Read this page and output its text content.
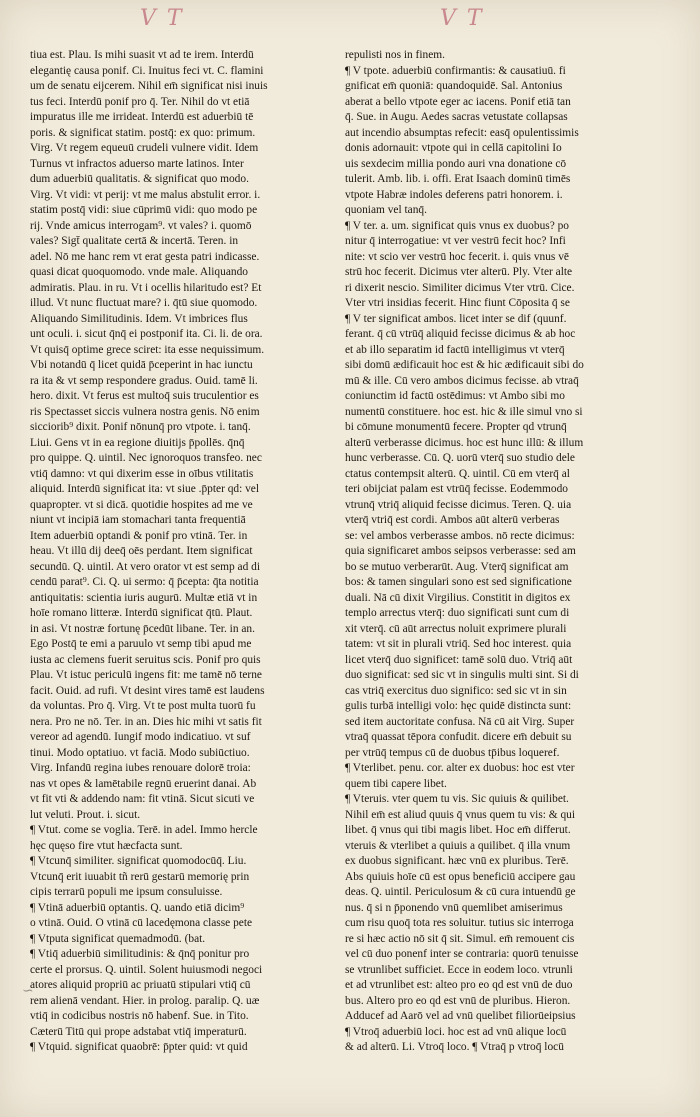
V T	V T
tiua est. Plau. Is mihi suasit vt ad te irem. Interdū
elegantię causa ponif. Ci. Inuitus feci vt. C. flamini
um de senatu eijcerem. Nihil em̄ significat nisi inuis
tus feci. Interdū ponif pro q̄. Ter. Nihil do vt etiā
impuratus ille me irrideat. Interdū est aduerbiū tē
poris. & significat statim. postq̄: ex quo: primum.
Virg. Vt regem equeuū crudeli vulnere vidit. Idem
Turnus vt infractos aduerso marte latinos. Inter
dum aduerbiū qualitatis. & significat quo modo.
Virg. Vt vidi: vt perij: vt me malus abstulit error. i.
statim postq̄ vidi: siue cūprimū vidi: quo modo pe
rij. Vnde amicus interrogam⁹. vt vales? i. quomō
vales? Sigt̄ qualitate certā & incertā. Teren. in
adel. Nō me hanc rem vt erat gesta patri indicasse.
quasi dicat quoquomodo. vnde male. Aliquando
admiratis. Plau. in ru. Vt i ocellis hilaritudo est? Et
illud. Vt nunc fluctuat mare? i. q̄tū siue quomodo.
Aliquando Similitudinis. Idem. Vt imbrices flus
unt oculi. i. sicut q̄nq̄ ei postponif ita. Ci. li. de ora.
Vt quisq̄ optime grece sciret: ita esse nequissimum.
Vbi notandū q̄ licet quidā p̄ceperint in hac iunctu
ra ita & vt semp respondere gradus. Ouid. tamē li.
hero. dixit. Vt ferus est multoq̄ suis truculentior es
ris Spectasset siccis vulnera nostra genis. Nō enim
sicciorib⁹ dixit. Ponif nōnunq̄ pro vtpote. i. tanq̄.
Liui. Gens vt in ea regione diuitijs p̄pollēs. q̄nq̄
pro quippe. Q. uintil. Nec ignoroquos transfeo. nec
vtiq̄ damno: vt qui dixerim esse in oībus vtilitatis
aliquid. Interdū significat ita: vt siue .p̄pter qd: vel
quapropter. vt si dicā. quotidie hospites ad me ve
niunt vt incipiā iam stomachari tanta frequentiā
Item aduerbiū optandi & ponif pro vtinā. Ter. in
heau. Vt illū dij deeq̄ oēs perdant. Item significat
secundū. Q. uintil. At vero orator vt est semp ad di
cendū parat⁹. Ci. Q. ui sermo: q̄ p̄cepta: q̄ta notitia
antiquitatis: scientia iuris augurū. Multæ etiā vt in
hoīe romano litteræ. Interdū significat q̄tū. Plaut.
in asi. Vt nostræ fortunę p̄cedūt libane. Ter. in an.
Ego Postq̄ te emi a paruulo vt semp tibi apud me
iusta ac clemens fuerit seruitus scis. Ponif pro quis
Plau. Vt istuc periculū ingens fit: me tamē nō terne
facit. Ouid. ad rufi. Vt desint vires tamē est laudens
da voluntas. Pro q̄. Virg. Vt te post multa tuorū fu
nera. Pro ne nō. Ter. in an. Dies hic mihi vt satis fit
vereor ad agendū. Iungif modo indicatiuo. vt suf
tinui. Modo optatiuo. vt faciā. Modo subiūctiuo.
Virg. Infandū regina iubes renouare dolorē troia:
nas vt opes & lamētabile regnū eruerint danai. Ab
vt fit vti & addendo nam: fit vtinā. Sicut sicuti ve
lut veluti. Prout. i. sicut.
¶ Vtut. come se voglia. Terē. in adel. Immo hercle
hęc quęso fire vtut hæcfacta sunt.
¶ Vtcunq̄ similiter. significat quomodocūq̄. Liu.
Vtcunq̄ erit iuuabit tñ rerū gestarū memorię prin
cipis terrarū populi me ipsum consuluisse.
¶ Vtinā aduerbiū optantis. Q. uando etiā dicim⁹
o vtinā. Ouid. O vtinā cū lacedęmona classe pete
¶ Vtputa significat quemadmodū. (bat.
¶ Vtiq̄ aduerbiū similitudinis: & q̄nq̄ ponitur pro
certe el prorsus. Q. uintil. Solent huiusmodi negoci
atores aliquid propriū ac priuatū stipulari vtiq̄ cū
rem alienā vendant. Hier. in prolog. paralip. Q. uæ
vtiq̄ in codicibus nostris nō habenf. Sue. in Tito.
Cæterū Titū qui prope adstabat vtiq̄ imperaturū.
¶ Vtquid. significat quaobrē: p̄pter quid: vt quid
repulisti nos in finem.
¶ V tpote. aduerbiū confirmantis: & causatiuū. fi
gnificat em̄ quoniā: quandoquidē. Sal. Antonius
aberat a bello vtpote eger ac iacens. Ponif etiā tan
q̄. Sue. in Augu. Aedes sacras vetustate collapsas
aut incendio absumptas refecit: easq̄ opulentissimis
donis adornauit: vtpote qui in cellā capitolini Io
uis sexdecim millia pondo auri vna donatione cō
tulerit. Amb. lib. i. offi. Erat Isaach dominū timēs
vtpote Habræ indoles deferens patri honorem. i.
quoniam vel tanq̄.
¶ V ter. a. um. significat quis vnus ex duobus? po
nitur q̄ interrogatiue: vt ver vestrū fecit hoc? Infi
nite: vt scio ver vestrū hoc fecerit. i. quis vnus vē
strū hoc fecerit. Dicimus vter alterū. Ply. Vter alte
ri dixerit nescio. Similiter dicimus Vter vtrū. Cice.
Vter vtri insidias fecerit. Hinc fiunt Cōposita q̄ se
¶ V ter significat ambos. licet inter se dif (quunf.
ferant. q̄ cū vtrūq̄ aliquid fecisse dicimus & ab hoc
et ab illo separatim id factū intelligimus vt vterq̄
sibi domū ædificauit hoc est & hic ædificauit sibi do
mū & ille. Cū vero ambos dicimus fecisse. ab vtraq̄
coniunctim id factū ostēdimus: vt Ambo sibi mo
numentū constituere. hoc est. hic & ille simul vno si
bi cōmune monumentū fecere. Propter qd vtrunq̄
alterū verberasse dicimus. hoc est hunc illū: & illum
hunc verberasse. Cū. Q. uorū vterq̄ suo studio dele
ctatus contempsit alterū. Q. uintil. Cū em vterq̄ al
teri obijciat palam est vtrūq̄ fecisse. Eodemmodo
vtrunq̄ vtriq̄ aliquid fecisse dicimus. Teren. Q. uia
vterq̄ vtriq̄ est cordi. Ambos aūt alterū verberas
se: vel ambos verberasse ambos. nō recte dicimus:
quia significaret ambos seipsos verberasse: sed am
bo se mutuo verberarūt. Aug. Vterq̄ significat am
bos: & tamen singulari sono est sed significatione
duali. Nā cū dixit Virgilius. Constitit in digitos ex
templo arrectus vterq̄: duo significati sunt cum di
xit vterq̄. cū aūt arrectus noluit exprimere plurali
tatem: vt sit in plurali vtriq̄. Sed hoc interest. quia
licet vterq̄ duo significet: tamē solū duo. Vtriq̄ aūt
duo significat: sed sic vt in singulis multi sint. Si di
cas vtriq̄ exercitus duo significo: sed sic vt in sin
gulis turbā intelligi volo: hęc quidē distincta sunt:
sed item auctoritate confusa. Nā cū ait Virg. Super
vtraq̄ quassat tēpora confudit. dicere em̄ debuit su
per vtrūq̄ tempus cū de duobus tp̄ibus loqueref.
¶ Vterlibet. penu. cor. alter ex duobus: hoc est vter
quem tibi capere libet.
¶ Vteruis. vter quem tu vis. Sic quiuis & quilibet.
Nihil em̄ est aliud quuis q̄ vnus quem tu vis: & qui
libet. q̄ vnus qui tibi magis libet. Hoc em̄ differut.
vteruis & vterlibet a quiuis a quilibet. q̄ illa vnum
ex duobus significant. hæc vnū ex pluribus. Terē.
Abs quiuis hoīe cū est opus beneficiū accipere gau
deas. Q. uintil. Periculosum & cū cura intuendū ge
nus. q̄ si n p̄ponendo vnū quemlibet amiserimus
cum risu quoq̄ tota res soluitur. tutius sic interroga
re si hæc actio nō sit q̄ sit. Simul. em̄ remouent cis
vel cū duo ponenf inter se contraria: quorū tenuisse
se vtrunlibet sufficiet. Ecce in eodem loco. vtrunli
et ad vtrunlibet est: alteo pro eo qd est vnū de duo
bus. Altero pro eo qd est vnū de pluribus. Hieron.
Adducef ad Aarō vel ad vnū quelibet filiorūeipsius
¶ Vtroq̄ aduerbiū loci. hoc est ad vnū alique locū
& ad alterū. Li. Vtroq̄ loco. ¶ Vtraq̄ p vtroq̄ locū
∽
